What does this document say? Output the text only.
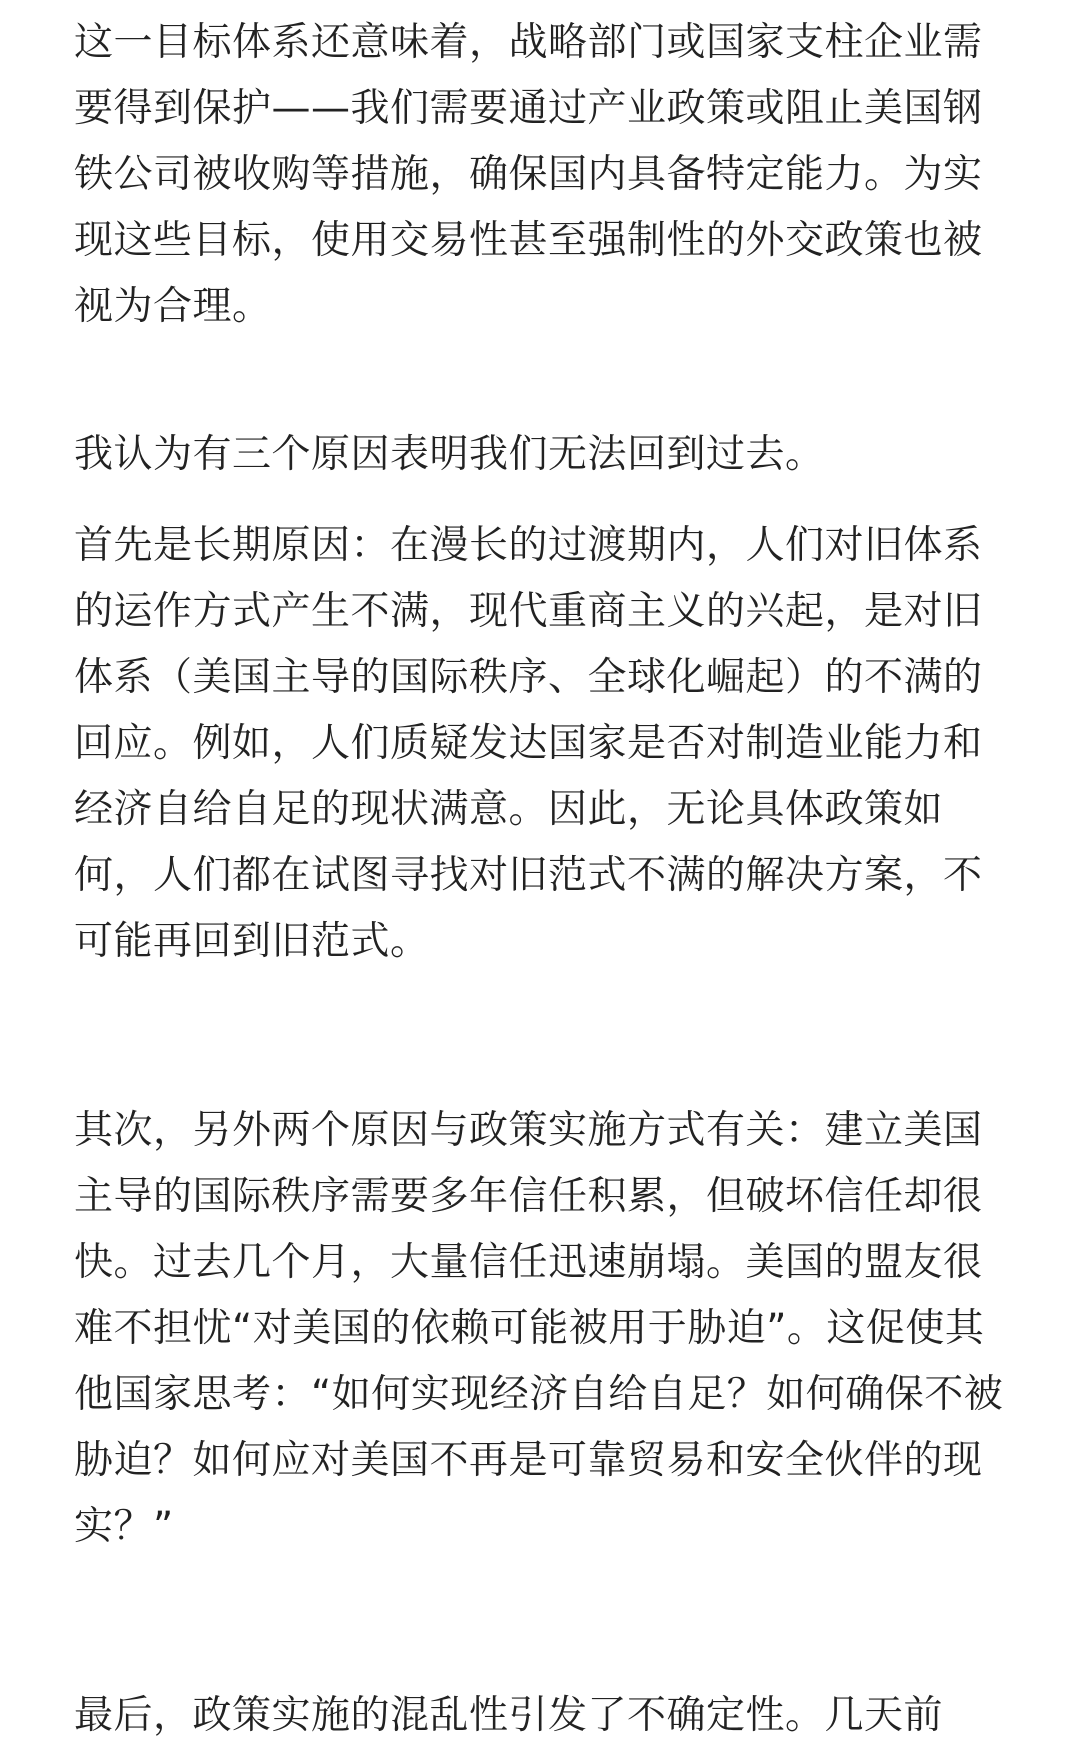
这一目标体系还意味着，战略部门或国家支柱企业需要得到保护——我们需要通过产业政策或阻止美国钢铁公司被收购等措施，确保国内具备特定能力。为实现这些目标，使用交易性甚至强制性的外交政策也被视为合理。

我认为有三个原因表明我们无法回到过去。

首先是长期原因：在漫长的过渡期内，人们对旧体系的运作方式产生不满，现代重商主义的兴起，是对旧体系（美国主导的国际秩序、全球化崛起）的不满的回应。例如，人们质疑发达国家是否对制造业能力和经济自给自足的现状满意。因此，无论具体政策如何，人们都在试图寻找对旧范式不满的解决方案，不可能再回到旧范式。

其次，另外两个原因与政策实施方式有关：建立美国主导的国际秩序需要多年信任积累，但破坏信任却很快。过去几个月，大量信任迅速崩塌。美国的盟友很难不担忧“对美国的依赖可能被用于胁迫”。这促使其他国家思考：“如何实现经济自给自足？如何确保不被胁迫？如何应对美国不再是可靠贸易和安全伙伴的现实？”

最后，政策实施的混乱性引发了不确定性。几天前
